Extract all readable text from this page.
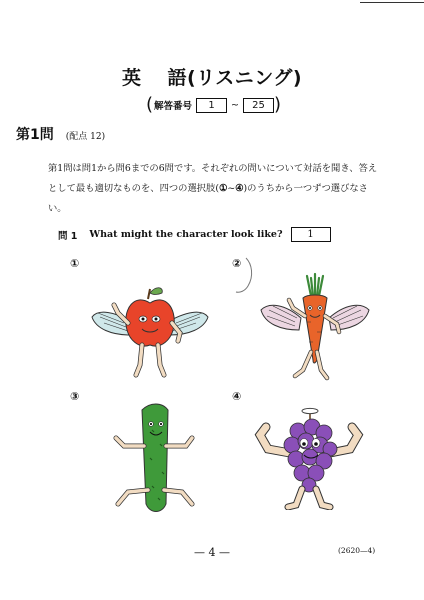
英 語(リスニング)
( 解答番号	1	~	25 )
第1問 (配点 12)
第1問は問1から問6までの6問です。それぞれの問いについて対話を聞き、答えとして最も適切なものを、四つの選択肢(①~④)のうちから一つずつ選びなさい。
問 1 What might the character look like?	1
①	②
③	④
— 4 —	(2620—4)
